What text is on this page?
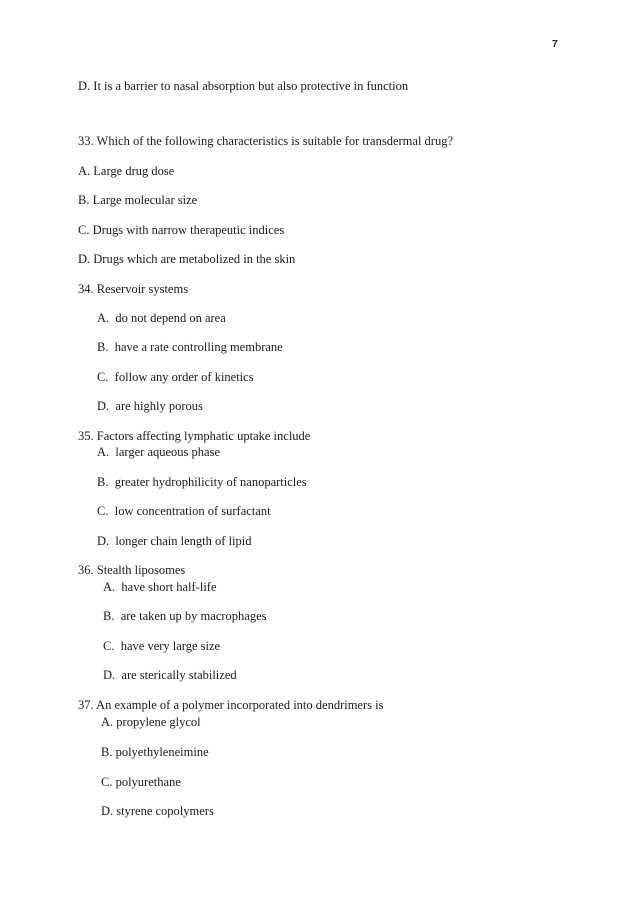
7
D. It is a barrier to nasal absorption but also protective in function
33. Which of the following characteristics is suitable for transdermal drug?
A. Large drug dose
B. Large molecular size
C. Drugs with narrow therapeutic indices
D. Drugs which are metabolized in the skin
34. Reservoir systems
A. do not depend on area
B. have a rate controlling membrane
C. follow any order of kinetics
D. are highly porous
35. Factors affecting lymphatic uptake include
A. larger aqueous phase
B. greater hydrophilicity of nanoparticles
C. low concentration of surfactant
D. longer chain length of lipid
36. Stealth liposomes
A. have short half-life
B. are taken up by macrophages
C. have very large size
D. are sterically stabilized
37. An example of a polymer incorporated into dendrimers is
A. propylene glycol
B. polyethyleneimine
C. polyurethane
D. styrene copolymers
